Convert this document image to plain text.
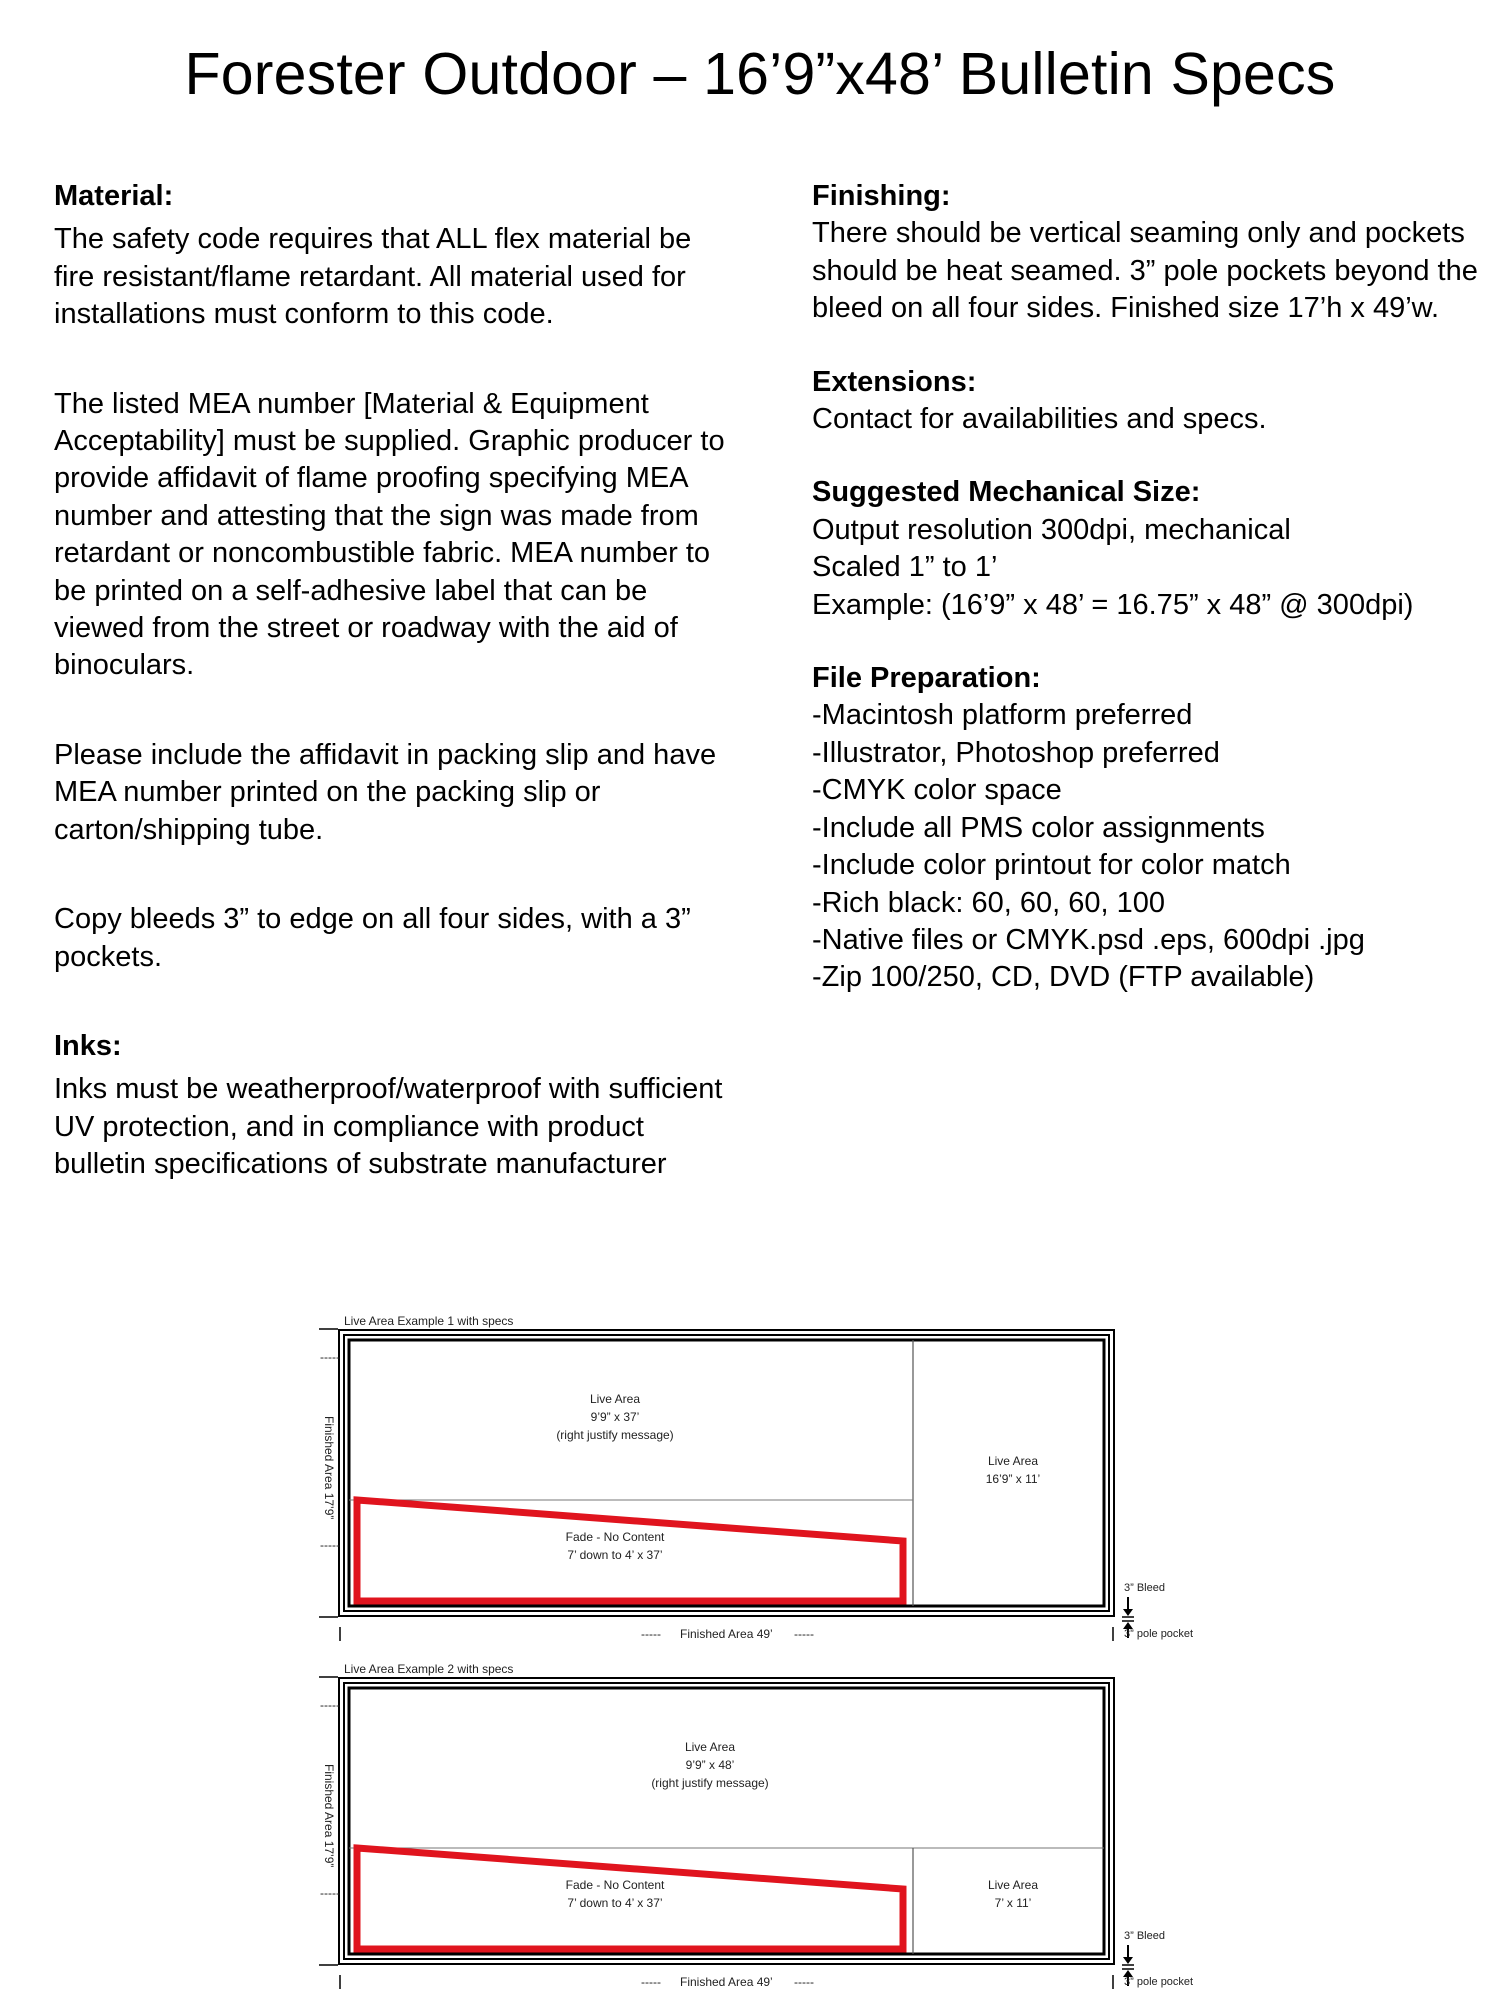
Forester Outdoor – 16’9”x48’ Bulletin Specs
Material:

The safety code requires that ALL flex material be fire resistant/flame retardant. All material used for installations must conform to this code.

The listed MEA number [Material & Equipment Acceptability] must be supplied. Graphic producer to provide affidavit of flame proofing specifying MEA number and attesting that the sign was made from retardant or noncombustible fabric. MEA number to be printed on a self-adhesive label that can be viewed from the street or roadway with the aid of binoculars.

Please include the affidavit in packing slip and have MEA number printed on the packing slip or carton/shipping tube.

Copy bleeds 3” to edge on all four sides, with a 3” pockets.

Inks:

Inks must be weatherproof/waterproof with sufficient UV protection, and in compliance with product bulletin specifications of substrate manufacturer

Finishing:

There should be vertical seaming only and pockets should be heat seamed. 3” pole pockets beyond the bleed on all four sides. Finished size 17’h x 49’w.

Extensions:

Contact for availabilities and specs.

Suggested Mechanical Size:

Output resolution 300dpi, mechanical

Scaled 1” to 1’

Example: (16’9” x 48’ = 16.75” x 48” @ 300dpi)

File Preparation:

-Macintosh platform preferred

-Illustrator, Photoshop preferred

-CMYK color space

-Include all PMS color assignments

-Include color printout for color match

-Rich black: 60, 60, 60, 100

-Native files or CMYK.psd .eps, 600dpi .jpg

-Zip 100/250, CD, DVD (FTP available)

Live Area Example 1 with specs
-----
Finished Area 17’9”
-----
----- Finished Area 49’ -----
Live Area
9’9” x 37’
(right justify message)
Live Area
16’9” x 11’
Fade - No Content
7’ down to 4’ x 37’
3” Bleed
3” pole pocket
Live Area Example 2 with specs
-----
Finished Area 17’9”
-----
----- Finished Area 49’ -----
Live Area
9’9” x 48’
(right justify message)
Live Area
7’ x 11’
Fade - No Content
7’ down to 4’ x 37’
3” Bleed
3” pole pocket
